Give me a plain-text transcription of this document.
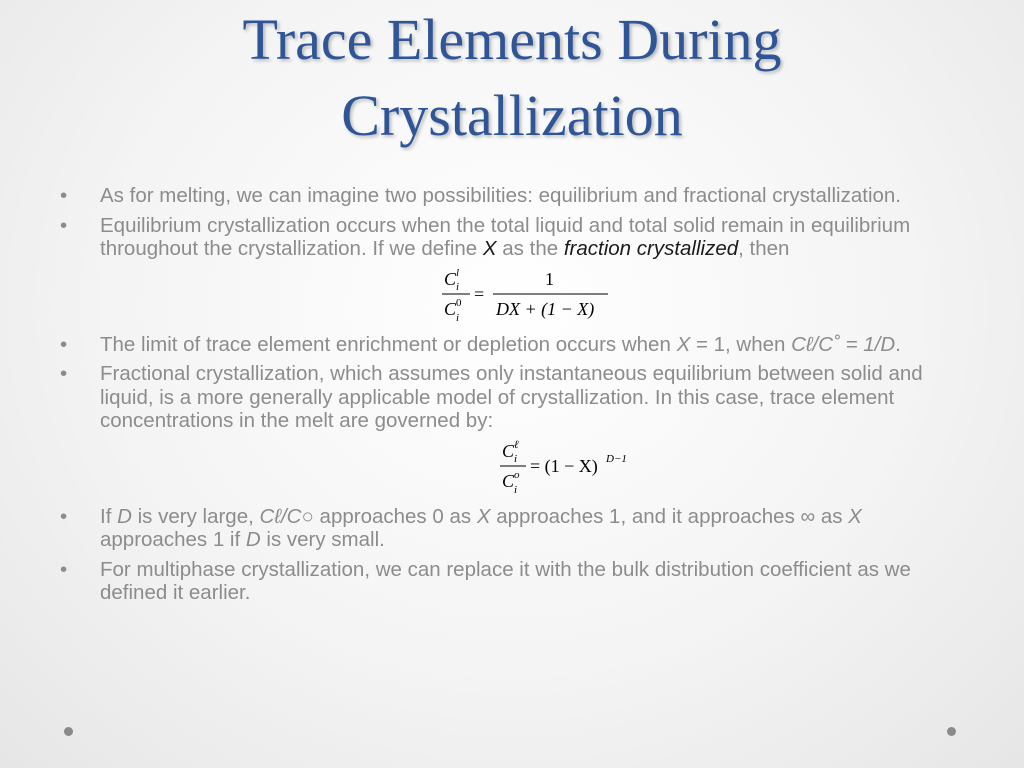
Trace Elements During
Crystallization
•	As for melting, we can imagine two possibilities: equilibrium and fractional crystallization.
•	Equilibrium crystallization occurs when the total liquid and total solid remain in equilibrium throughout the crystallization. If we define X as the fraction crystallized, then
C l
i
C 0
i
=
1
DX + (1 − X)
•	The limit of trace element enrichment or depletion occurs when X = 1, when Cℓ/C˚ = 1/D.
•	Fractional crystallization, which assumes only instantaneous equilibrium between solid and liquid, is a more generally applicable model of crystallization. In this case, trace element concentrations in the melt are governed by:
C ℓ
i
C o
i
= (1 − X) D−1
•	If D is very large, Cℓ/C○ approaches 0 as X approaches 1, and it approaches ∞ as X approaches 1 if D is very small.
•	For multiphase crystallization, we can replace it with the bulk distribution coefficient as we defined it earlier.
